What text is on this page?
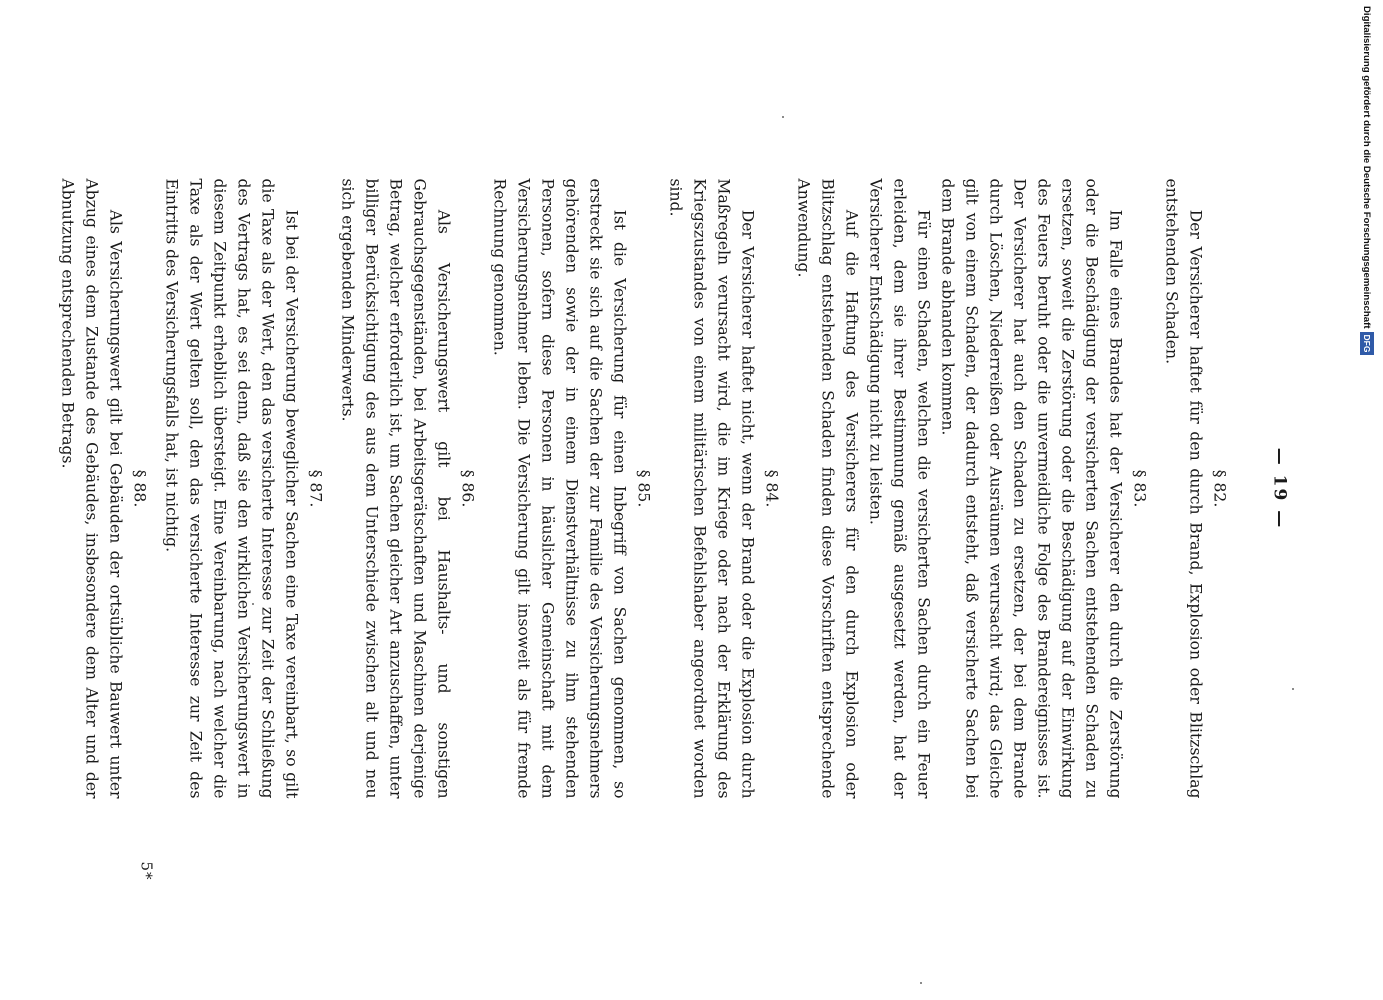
— 19 —

§ 82.

Der Versicherer haftet für den durch Brand, Explosion oder Blitzschlag entstehenden Schaden.

§ 83.

Im Falle eines Brandes hat der Versicherer den durch die Zerstörung oder die Beschädigung der versicherten Sachen entstehenden Schaden zu ersetzen, soweit die Zerstörung oder die Beschädigung auf der Einwirkung des Feuers beruht oder die unvermeidliche Folge des Brandereignisses ist. Der Versicherer hat auch den Schaden zu ersetzen, der bei dem Brande durch Löschen, Niederreißen oder Ausräumen verursacht wird; das Gleiche gilt von einem Schaden, der dadurch entsteht, daß versicherte Sachen bei dem Brande abhanden kommen.

Für einen Schaden, welchen die versicherten Sachen durch ein Feuer erleiden, dem sie ihrer Bestimmung gemäß ausgesetzt werden, hat der Versicherer Entschädigung nicht zu leisten.

Auf die Haftung des Versicherers für den durch Explosion oder Blitzschlag entstehenden Schaden finden diese Vorschriften entsprechende Anwendung.

§ 84.

Der Versicherer haftet nicht, wenn der Brand oder die Explosion durch Maßregeln verursacht wird, die im Kriege oder nach der Erklärung des Kriegszustandes von einem militärischen Befehlshaber angeordnet worden sind.

§ 85.

Ist die Versicherung für einen Inbegriff von Sachen genommen, so erstreckt sie sich auf die Sachen der zur Familie des Versicherungsnehmers gehörenden sowie der in einem Dienstverhältnisse zu ihm stehenden Personen, sofern diese Personen in häuslicher Gemeinschaft mit dem Versicherungsnehmer leben. Die Versicherung gilt insoweit als für fremde Rechnung genommen.

§ 86.

Als Versicherungswert gilt bei Haushalts- und sonstigen Gebrauchsgegenständen, bei Arbeitsgerätschaften und Maschinen derjenige Betrag, welcher erforderlich ist, um Sachen gleicher Art anzuschaffen, unter billiger Berücksichtigung des aus dem Unterschiede zwischen alt und neu sich ergebenden Minderwerts.

§ 87.

Ist bei der Versicherung beweglicher Sachen eine Taxe vereinbart, so gilt die Taxe als der Wert, den das versicherte Interesse zur Zeit der Schließung des Vertrags hat, es sei denn, daß sie den wirklichen Versicherungswert in diesem Zeitpunkt erheblich übersteigt. Eine Vereinbarung, nach welcher die Taxe als der Wert gelten soll, den das versicherte Interesse zur Zeit des Eintritts des Versicherungsfalls hat, ist nichtig.

§ 88.

Als Versicherungswert gilt bei Gebäuden der ortsübliche Bauwert unter Abzug eines dem Zustande des Gebäudes, insbesondere dem Alter und der Abnutzung entsprechenden Betrags.

5*
Digitalisierung gefördert durch die Deutsche ForschungsgemeinschaftDFG
